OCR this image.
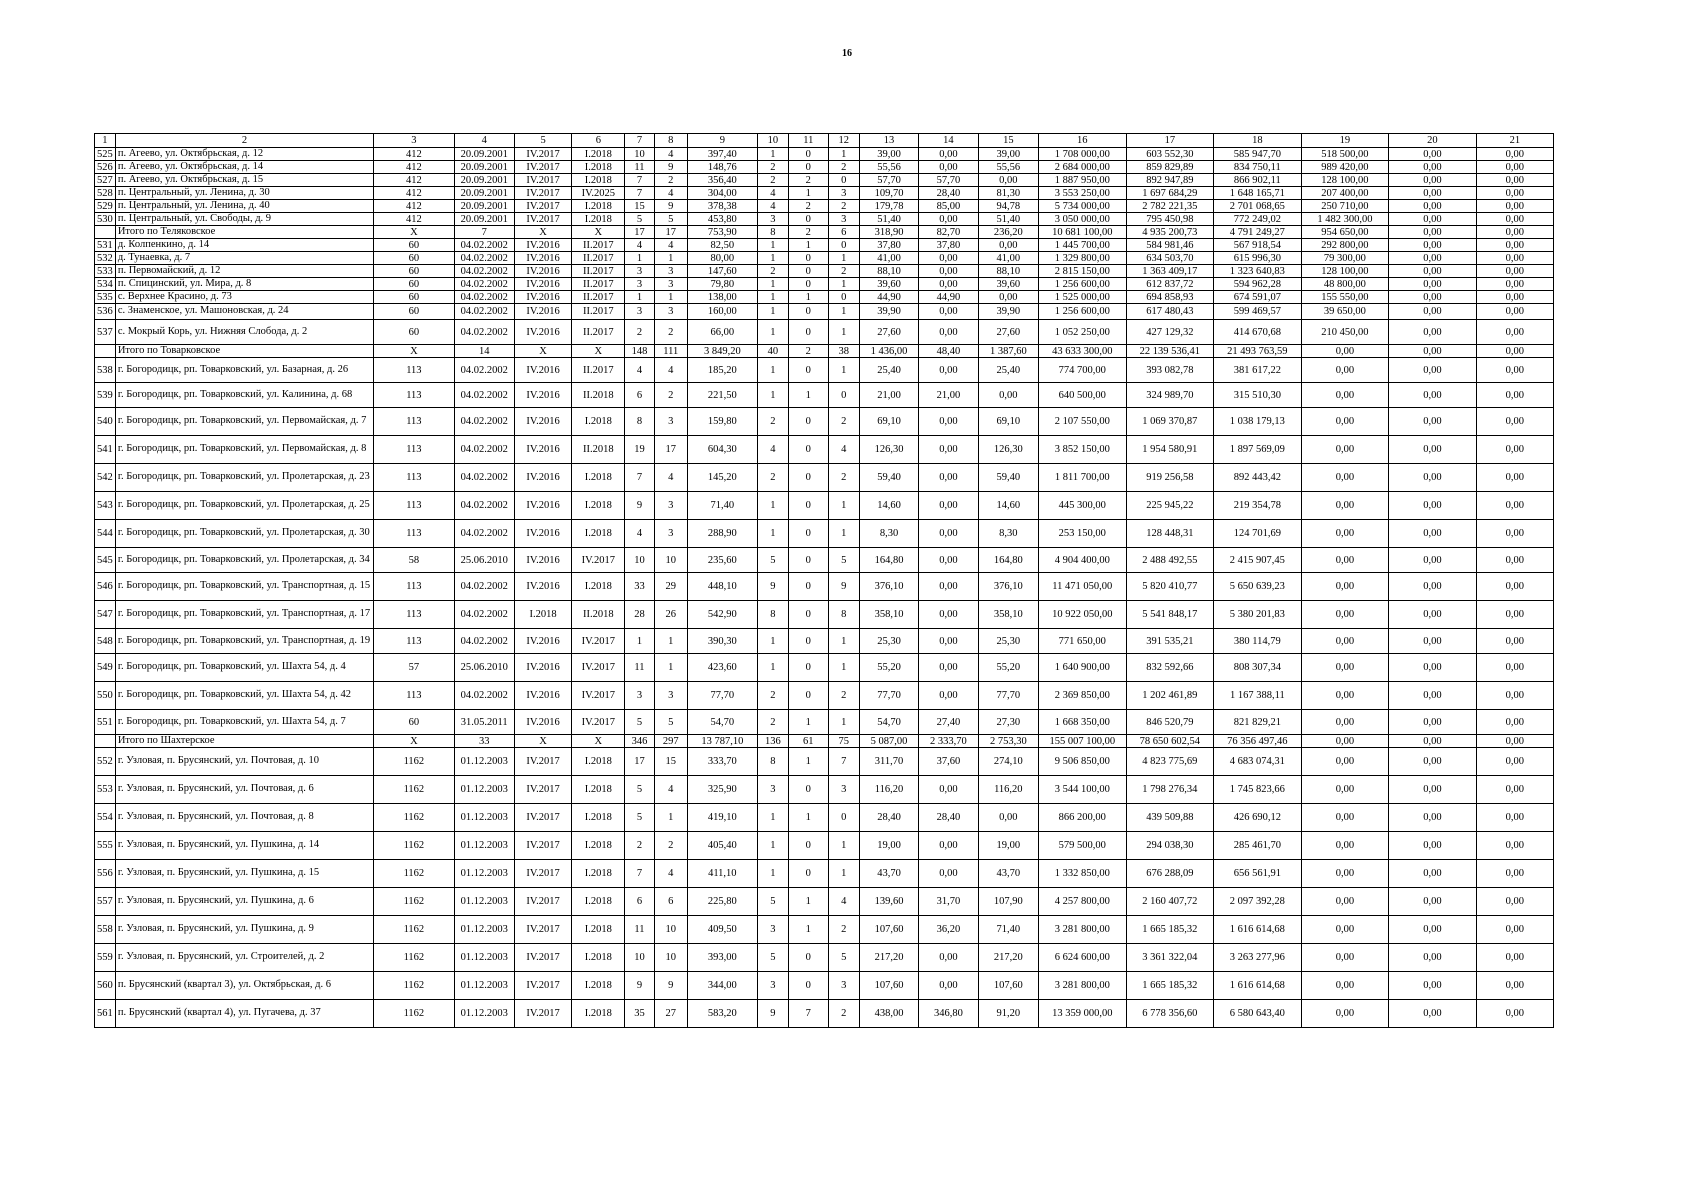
16
1	2	3	4	5	6	7	8	9	10	11	12	13	14	15	16	17	18	19	20	21
525	п. Агеево, ул. Октябрьская, д. 12	412	20.09.2001	IV.2017	I.2018	10	4	397,40	1	0	1	39,00	0,00	39,00	1 708 000,00	603 552,30	585 947,70	518 500,00	0,00	0,00
526	п. Агеево, ул. Октябрьская, д. 14	412	20.09.2001	IV.2017	I.2018	11	9	148,76	2	0	2	55,56	0,00	55,56	2 684 000,00	859 829,89	834 750,11	989 420,00	0,00	0,00
527	п. Агеево, ул. Октябрьская, д. 15	412	20.09.2001	IV.2017	I.2018	7	2	356,40	2	2	0	57,70	57,70	0,00	1 887 950,00	892 947,89	866 902,11	128 100,00	0,00	0,00
528	п. Центральный, ул. Ленина, д. 30	412	20.09.2001	IV.2017	IV.2025	7	4	304,00	4	1	3	109,70	28,40	81,30	3 553 250,00	1 697 684,29	1 648 165,71	207 400,00	0,00	0,00
529	п. Центральный, ул. Ленина, д. 40	412	20.09.2001	IV.2017	I.2018	15	9	378,38	4	2	2	179,78	85,00	94,78	5 734 000,00	2 782 221,35	2 701 068,65	250 710,00	0,00	0,00
530	п. Центральный, ул. Свободы, д. 9	412	20.09.2001	IV.2017	I.2018	5	5	453,80	3	0	3	51,40	0,00	51,40	3 050 000,00	795 450,98	772 249,02	1 482 300,00	0,00	0,00
	Итого по Теляковское	X	7	X	X	17	17	753,90	8	2	6	318,90	82,70	236,20	10 681 100,00	4 935 200,73	4 791 249,27	954 650,00	0,00	0,00
531	д. Колпенкино, д. 14	60	04.02.2002	IV.2016	II.2017	4	4	82,50	1	1	0	37,80	37,80	0,00	1 445 700,00	584 981,46	567 918,54	292 800,00	0,00	0,00
532	д. Тунаевка, д. 7	60	04.02.2002	IV.2016	II.2017	1	1	80,00	1	0	1	41,00	0,00	41,00	1 329 800,00	634 503,70	615 996,30	79 300,00	0,00	0,00
533	п. Первомайский, д. 12	60	04.02.2002	IV.2016	II.2017	3	3	147,60	2	0	2	88,10	0,00	88,10	2 815 150,00	1 363 409,17	1 323 640,83	128 100,00	0,00	0,00
534	п. Спицинский, ул. Мира, д. 8	60	04.02.2002	IV.2016	II.2017	3	3	79,80	1	0	1	39,60	0,00	39,60	1 256 600,00	612 837,72	594 962,28	48 800,00	0,00	0,00
535	с. Верхнее Красино, д. 73	60	04.02.2002	IV.2016	II.2017	1	1	138,00	1	1	0	44,90	44,90	0,00	1 525 000,00	694 858,93	674 591,07	155 550,00	0,00	0,00
536	с. Знаменское, ул. Машоновская, д. 24	60	04.02.2002	IV.2016	II.2017	3	3	160,00	1	0	1	39,90	0,00	39,90	1 256 600,00	617 480,43	599 469,57	39 650,00	0,00	0,00
537	с. Мокрый Корь, ул. Нижняя Слобода, д. 2	60	04.02.2002	IV.2016	II.2017	2	2	66,00	1	0	1	27,60	0,00	27,60	1 052 250,00	427 129,32	414 670,68	210 450,00	0,00	0,00
	Итого по Товарковское	X	14	X	X	148	111	3 849,20	40	2	38	1 436,00	48,40	1 387,60	43 633 300,00	22 139 536,41	21 493 763,59	0,00	0,00	0,00
538	г. Богородицк, рп. Товарковский, ул. Базарная, д. 26	113	04.02.2002	IV.2016	II.2017	4	4	185,20	1	0	1	25,40	0,00	25,40	774 700,00	393 082,78	381 617,22	0,00	0,00	0,00
539	г. Богородицк, рп. Товарковский, ул. Калинина, д. 68	113	04.02.2002	IV.2016	II.2018	6	2	221,50	1	1	0	21,00	21,00	0,00	640 500,00	324 989,70	315 510,30	0,00	0,00	0,00
540	г. Богородицк, рп. Товарковский, ул. Первомайская, д. 7	113	04.02.2002	IV.2016	I.2018	8	3	159,80	2	0	2	69,10	0,00	69,10	2 107 550,00	1 069 370,87	1 038 179,13	0,00	0,00	0,00
541	г. Богородицк, рп. Товарковский, ул. Первомайская, д. 8	113	04.02.2002	IV.2016	II.2018	19	17	604,30	4	0	4	126,30	0,00	126,30	3 852 150,00	1 954 580,91	1 897 569,09	0,00	0,00	0,00
542	г. Богородицк, рп. Товарковский, ул. Пролетарская, д. 23	113	04.02.2002	IV.2016	I.2018	7	4	145,20	2	0	2	59,40	0,00	59,40	1 811 700,00	919 256,58	892 443,42	0,00	0,00	0,00
543	г. Богородицк, рп. Товарковский, ул. Пролетарская, д. 25	113	04.02.2002	IV.2016	I.2018	9	3	71,40	1	0	1	14,60	0,00	14,60	445 300,00	225 945,22	219 354,78	0,00	0,00	0,00
544	г. Богородицк, рп. Товарковский, ул. Пролетарская, д. 30	113	04.02.2002	IV.2016	I.2018	4	3	288,90	1	0	1	8,30	0,00	8,30	253 150,00	128 448,31	124 701,69	0,00	0,00	0,00
545	г. Богородицк, рп. Товарковский, ул. Пролетарская, д. 34	58	25.06.2010	IV.2016	IV.2017	10	10	235,60	5	0	5	164,80	0,00	164,80	4 904 400,00	2 488 492,55	2 415 907,45	0,00	0,00	0,00
546	г. Богородицк, рп. Товарковский, ул. Транспортная, д. 15	113	04.02.2002	IV.2016	I.2018	33	29	448,10	9	0	9	376,10	0,00	376,10	11 471 050,00	5 820 410,77	5 650 639,23	0,00	0,00	0,00
547	г. Богородицк, рп. Товарковский, ул. Транспортная, д. 17	113	04.02.2002	I.2018	II.2018	28	26	542,90	8	0	8	358,10	0,00	358,10	10 922 050,00	5 541 848,17	5 380 201,83	0,00	0,00	0,00
548	г. Богородицк, рп. Товарковский, ул. Транспортная, д. 19	113	04.02.2002	IV.2016	IV.2017	1	1	390,30	1	0	1	25,30	0,00	25,30	771 650,00	391 535,21	380 114,79	0,00	0,00	0,00
549	г. Богородицк, рп. Товарковский, ул. Шахта 54, д. 4	57	25.06.2010	IV.2016	IV.2017	11	1	423,60	1	0	1	55,20	0,00	55,20	1 640 900,00	832 592,66	808 307,34	0,00	0,00	0,00
550	г. Богородицк, рп. Товарковский, ул. Шахта 54, д. 42	113	04.02.2002	IV.2016	IV.2017	3	3	77,70	2	0	2	77,70	0,00	77,70	2 369 850,00	1 202 461,89	1 167 388,11	0,00	0,00	0,00
551	г. Богородицк, рп. Товарковский, ул. Шахта 54, д. 7	60	31.05.2011	IV.2016	IV.2017	5	5	54,70	2	1	1	54,70	27,40	27,30	1 668 350,00	846 520,79	821 829,21	0,00	0,00	0,00
	Итого по Шахтерское	X	33	X	X	346	297	13 787,10	136	61	75	5 087,00	2 333,70	2 753,30	155 007 100,00	78 650 602,54	76 356 497,46	0,00	0,00	0,00
552	г. Узловая, п. Брусянский, ул. Почтовая, д. 10	1162	01.12.2003	IV.2017	I.2018	17	15	333,70	8	1	7	311,70	37,60	274,10	9 506 850,00	4 823 775,69	4 683 074,31	0,00	0,00	0,00
553	г. Узловая, п. Брусянский, ул. Почтовая, д. 6	1162	01.12.2003	IV.2017	I.2018	5	4	325,90	3	0	3	116,20	0,00	116,20	3 544 100,00	1 798 276,34	1 745 823,66	0,00	0,00	0,00
554	г. Узловая, п. Брусянский, ул. Почтовая, д. 8	1162	01.12.2003	IV.2017	I.2018	5	1	419,10	1	1	0	28,40	28,40	0,00	866 200,00	439 509,88	426 690,12	0,00	0,00	0,00
555	г. Узловая, п. Брусянский, ул. Пушкина, д. 14	1162	01.12.2003	IV.2017	I.2018	2	2	405,40	1	0	1	19,00	0,00	19,00	579 500,00	294 038,30	285 461,70	0,00	0,00	0,00
556	г. Узловая, п. Брусянский, ул. Пушкина, д. 15	1162	01.12.2003	IV.2017	I.2018	7	4	411,10	1	0	1	43,70	0,00	43,70	1 332 850,00	676 288,09	656 561,91	0,00	0,00	0,00
557	г. Узловая, п. Брусянский, ул. Пушкина, д. 6	1162	01.12.2003	IV.2017	I.2018	6	6	225,80	5	1	4	139,60	31,70	107,90	4 257 800,00	2 160 407,72	2 097 392,28	0,00	0,00	0,00
558	г. Узловая, п. Брусянский, ул. Пушкина, д. 9	1162	01.12.2003	IV.2017	I.2018	11	10	409,50	3	1	2	107,60	36,20	71,40	3 281 800,00	1 665 185,32	1 616 614,68	0,00	0,00	0,00
559	г. Узловая, п. Брусянский, ул. Строителей, д. 2	1162	01.12.2003	IV.2017	I.2018	10	10	393,00	5	0	5	217,20	0,00	217,20	6 624 600,00	3 361 322,04	3 263 277,96	0,00	0,00	0,00
560	п. Брусянский (квартал 3), ул. Октябрьская, д. 6	1162	01.12.2003	IV.2017	I.2018	9	9	344,00	3	0	3	107,60	0,00	107,60	3 281 800,00	1 665 185,32	1 616 614,68	0,00	0,00	0,00
561	п. Брусянский (квартал 4), ул. Пугачева, д. 37	1162	01.12.2003	IV.2017	I.2018	35	27	583,20	9	7	2	438,00	346,80	91,20	13 359 000,00	6 778 356,60	6 580 643,40	0,00	0,00	0,00
